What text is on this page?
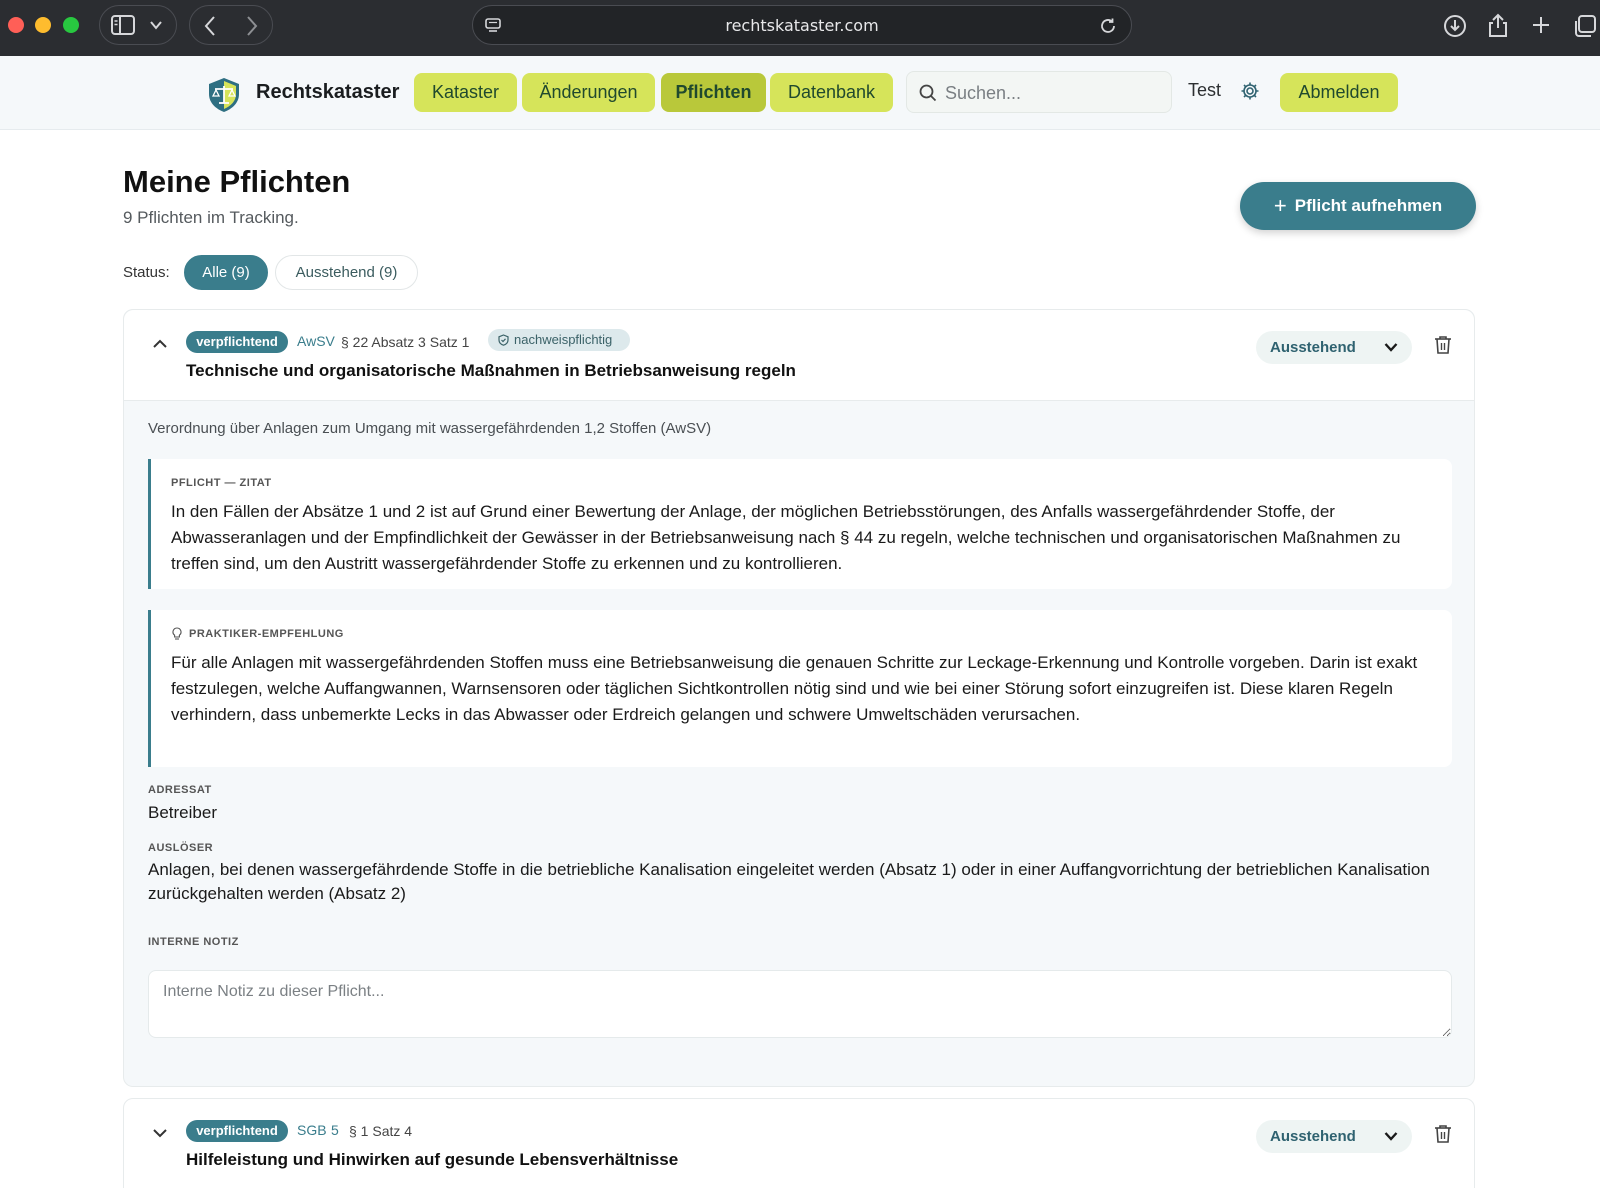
rechtskataster.com
Rechtskataster	Kataster	Änderungen	Pflichten	Datenbank
Suchen...	Test	Abmelden
Meine Pflichten
9 Pflichten im Tracking.	+ Pflicht aufnehmen
Status:	Alle (9)	Ausstehend (9)
verpflichtend	AwSV § 22 Absatz 3 Satz 1	nachweispflichtig
Technische und organisatorische Maßnahmen in Betriebsanweisung regeln
Ausstehend
Verordnung über Anlagen zum Umgang mit wassergefährdenden 1,2 Stoffen (AwSV)
PFLICHT — ZITAT
In den Fällen der Absätze 1 und 2 ist auf Grund einer Bewertung der Anlage, der möglichen Betriebsstörungen, des Anfalls wassergefährdender Stoffe, der Abwasseranlagen und der Empfindlichkeit der Gewässer in der Betriebsanweisung nach § 44 zu regeln, welche technischen und organisatorischen Maßnahmen zu treffen sind, um den Austritt wassergefährdender Stoffe zu erkennen und zu kontrollieren.
PRAKTIKER-EMPFEHLUNG
Für alle Anlagen mit wassergefährdenden Stoffen muss eine Betriebsanweisung die genauen Schritte zur Leckage-Erkennung und Kontrolle vorgeben. Darin ist exakt festzulegen, welche Auffangwannen, Warnsensoren oder täglichen Sichtkontrollen nötig sind und wie bei einer Störung sofort einzugreifen ist. Diese klaren Regeln verhindern, dass unbemerkte Lecks in das Abwasser oder Erdreich gelangen und schwere Umweltschäden verursachen.
ADRESSAT
Betreiber
AUSLÖSER
Anlagen, bei denen wassergefährdende Stoffe in die betriebliche Kanalisation eingeleitet werden (Absatz 1) oder in einer Auffangvorrichtung der betrieblichen Kanalisation zurückgehalten werden (Absatz 2)
INTERNE NOTIZ
Interne Notiz zu dieser Pflicht...
verpflichtend	SGB 5 § 1 Satz 4
Hilfeleistung und Hinwirken auf gesunde Lebensverhältnisse
Ausstehend
